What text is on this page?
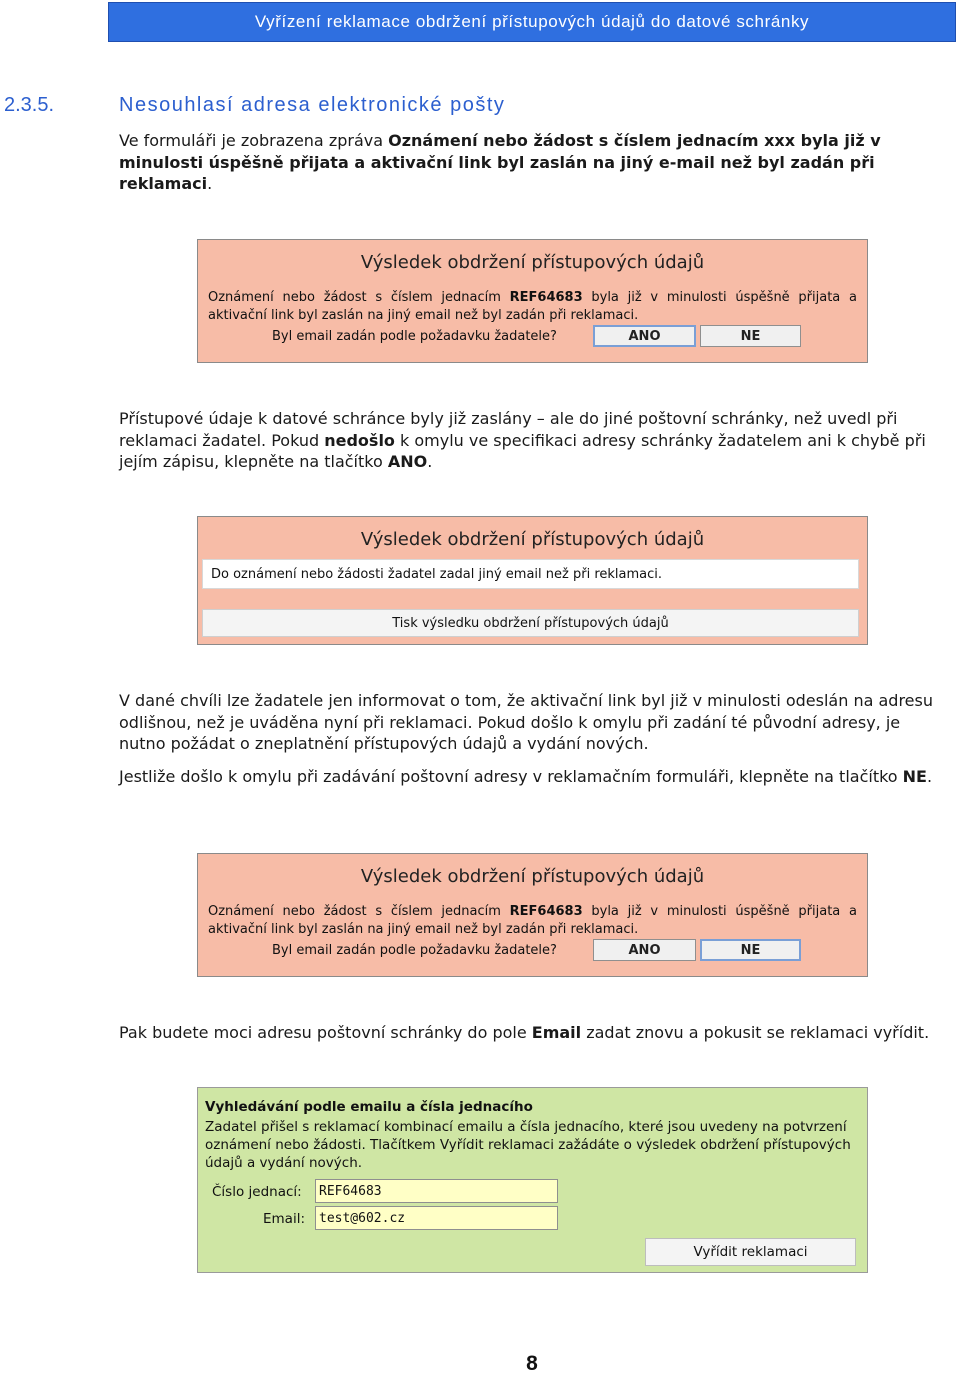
Vyřízení reklamace obdržení přístupových údajů do datové schránky
2.3.5.	Nesouhlasí adresa elektronické pošty
Ve formuláři je zobrazena zpráva Oznámení nebo žádost s číslem jednacím xxx byla již v minulosti úspěšně přijata a aktivační link byl zaslán na jiný e-mail než byl zadán při reklamaci.
Výsledek obdržení přístupových údajů
Oznámení nebo žádost s číslem jednacím REF64683 byla již v minulosti úspěšně přijata a aktivační link byl zaslán na jiný email než byl zadán při reklamaci.
Byl email zadán podle požadavku žadatele?	ANO	NE
Přístupové údaje k datové schránce byly již zaslány – ale do jiné poštovní schránky, než uvedl při reklamaci žadatel. Pokud nedošlo k omylu ve specifikaci adresy schránky žadatelem ani k chybě při jejím zápisu, klepněte na tlačítko ANO.
Výsledek obdržení přístupových údajů
Do oznámení nebo žádosti žadatel zadal jiný email než při reklamaci.
Tisk výsledku obdržení přístupových údajů
V dané chvíli lze žadatele jen informovat o tom, že aktivační link byl již v minulosti odeslán na adresu odlišnou, než je uváděna nyní při reklamaci. Pokud došlo k omylu při zadání té původní adresy, je nutno požádat o zneplatnění přístupových údajů a vydání nových.
Jestliže došlo k omylu při zadávání poštovní adresy v reklamačním formuláři, klepněte na tlačítko NE.
Výsledek obdržení přístupových údajů
Oznámení nebo žádost s číslem jednacím REF64683 byla již v minulosti úspěšně přijata a aktivační link byl zaslán na jiný email než byl zadán při reklamaci.
Byl email zadán podle požadavku žadatele?	ANO	NE
Pak budete moci adresu poštovní schránky do pole Email zadat znovu a pokusit se reklamaci vyřídit.
Vyhledávání podle emailu a čísla jednacího
Zadatel přišel s reklamací kombinací emailu a čísla jednacího, které jsou uvedeny na potvrzení oznámení nebo žádosti. Tlačítkem Vyřídit reklamaci zažádáte o výsledek obdržení přístupových údajů a vydání nových.
Číslo jednací:	REF64683
Email:	test@602.cz
Vyřídit reklamaci
8
